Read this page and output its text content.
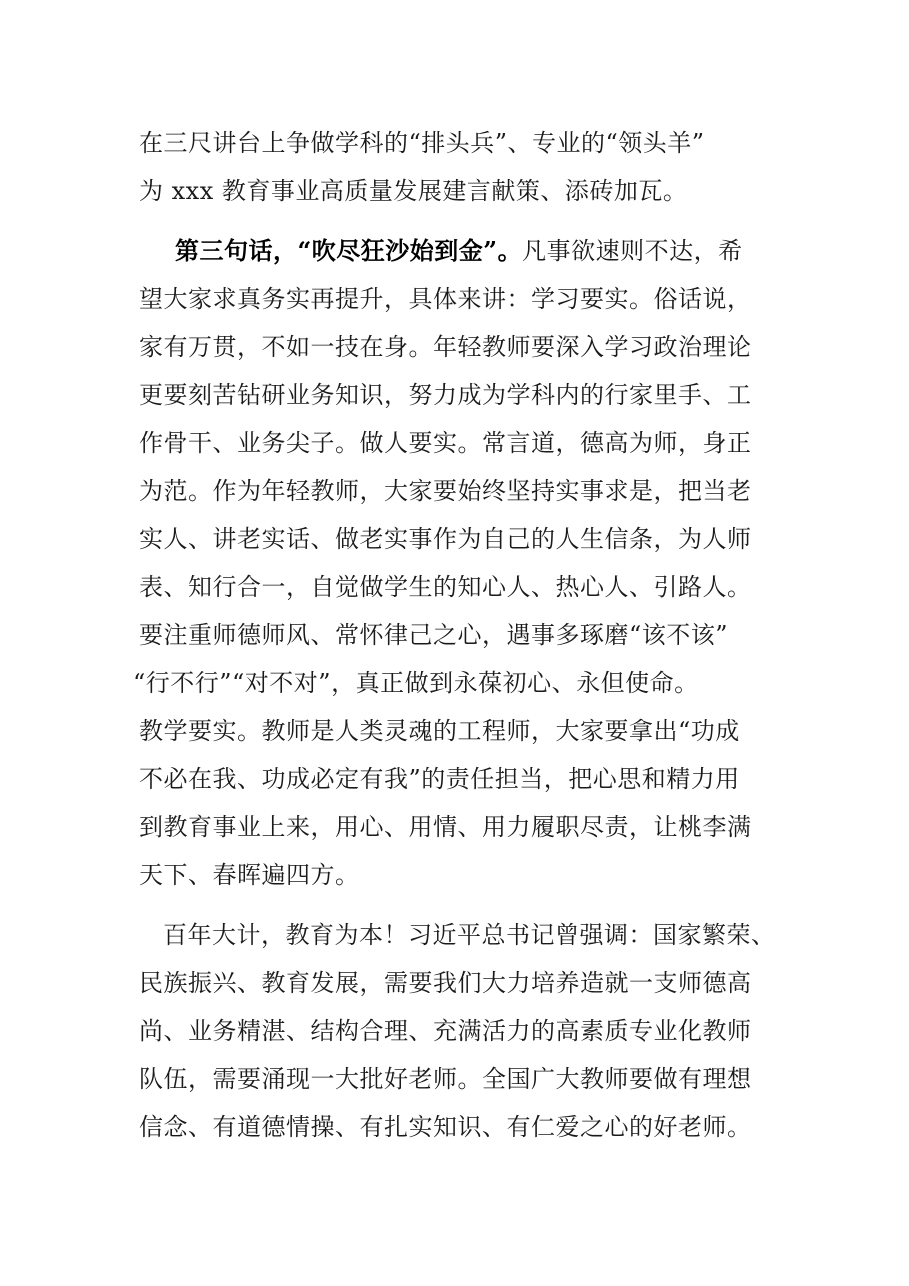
在三尺讲台上争做学科的“排头兵”、专业的“领头羊”
为 xxx 教育事业高质量发展建言献策、添砖加瓦。
第三句话，“吹尽狂沙始到金”。凡事欲速则不达，希
望大家求真务实再提升，具体来讲：学习要实。俗话说，
家有万贯，不如一技在身。年轻教师要深入学习政治理论
更要刻苦钻研业务知识，努力成为学科内的行家里手、工
作骨干、业务尖子。做人要实。常言道，德高为师，身正
为范。作为年轻教师，大家要始终坚持实事求是，把当老
实人、讲老实话、做老实事作为自己的人生信条，为人师
表、知行合一，自觉做学生的知心人、热心人、引路人。
要注重师德师风、常怀律己之心，遇事多琢磨“该不该”
“行不行”“对不对”，真正做到永葆初心、永但使命。
教学要实。教师是人类灵魂的工程师，大家要拿出“功成
不必在我、功成必定有我”的责任担当，把心思和精力用
到教育事业上来，用心、用情、用力履职尽责，让桃李满
天下、春晖遍四方。
百年大计，教育为本！习近平总书记曾强调：国家繁荣、
民族振兴、教育发展，需要我们大力培养造就一支师德高
尚、业务精湛、结构合理、充满活力的高素质专业化教师
队伍，需要涌现一大批好老师。全国广大教师要做有理想
信念、有道德情操、有扎实知识、有仁爱之心的好老师。
